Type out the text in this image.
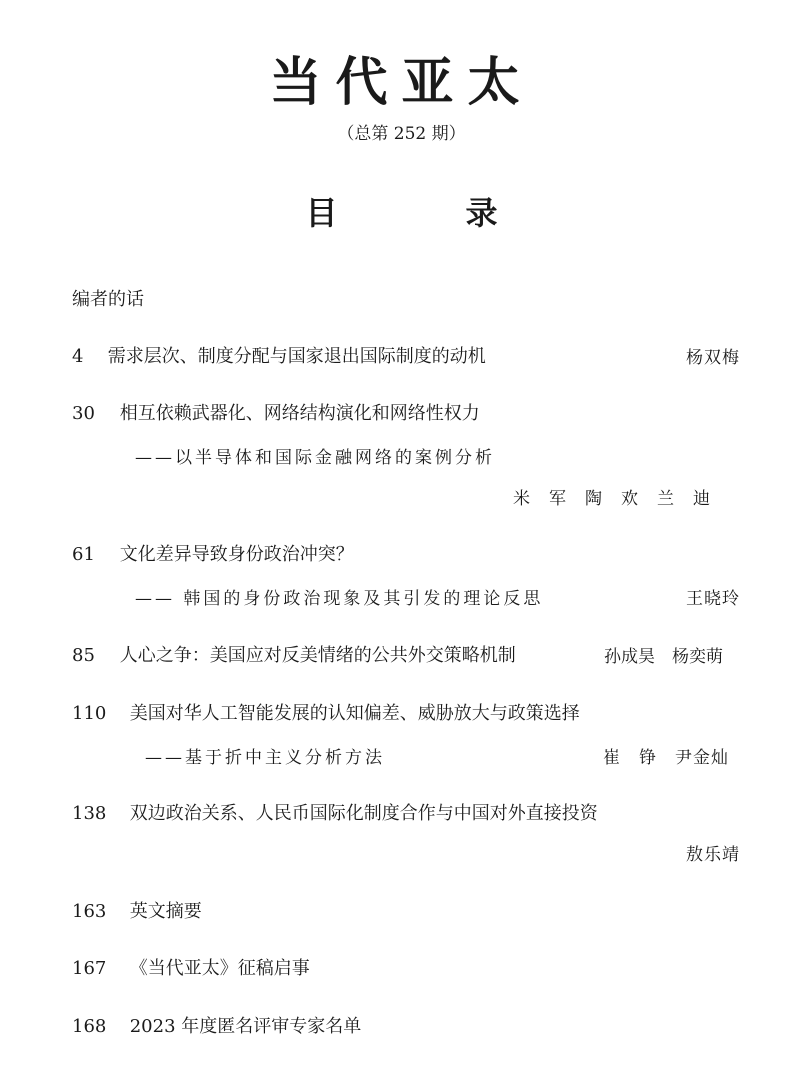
当代亚太
（总第 252 期）
目　录
编者的话
4 需求层次、制度分配与国家退出国际制度的动机	杨双梅
30 相互依赖武器化、网络结构演化和网络性权力
——以半导体和国际金融网络的案例分析
米　军　陶　欢　兰　迪
61 文化差异导致身份政治冲突？
—— 韩国的身份政治现象及其引发的理论反思	王晓玲
85 人心之争：美国应对反美情绪的公共外交策略机制	孙成昊　杨奕萌
110 美国对华人工智能发展的认知偏差、威胁放大与政策选择
——基于折中主义分析方法	崔　铮　尹金灿
138 双边政治关系、人民币国际化制度合作与中国对外直接投资
敖乐靖
163 英文摘要
167 《当代亚太》征稿启事
168 2023 年度匿名评审专家名单
